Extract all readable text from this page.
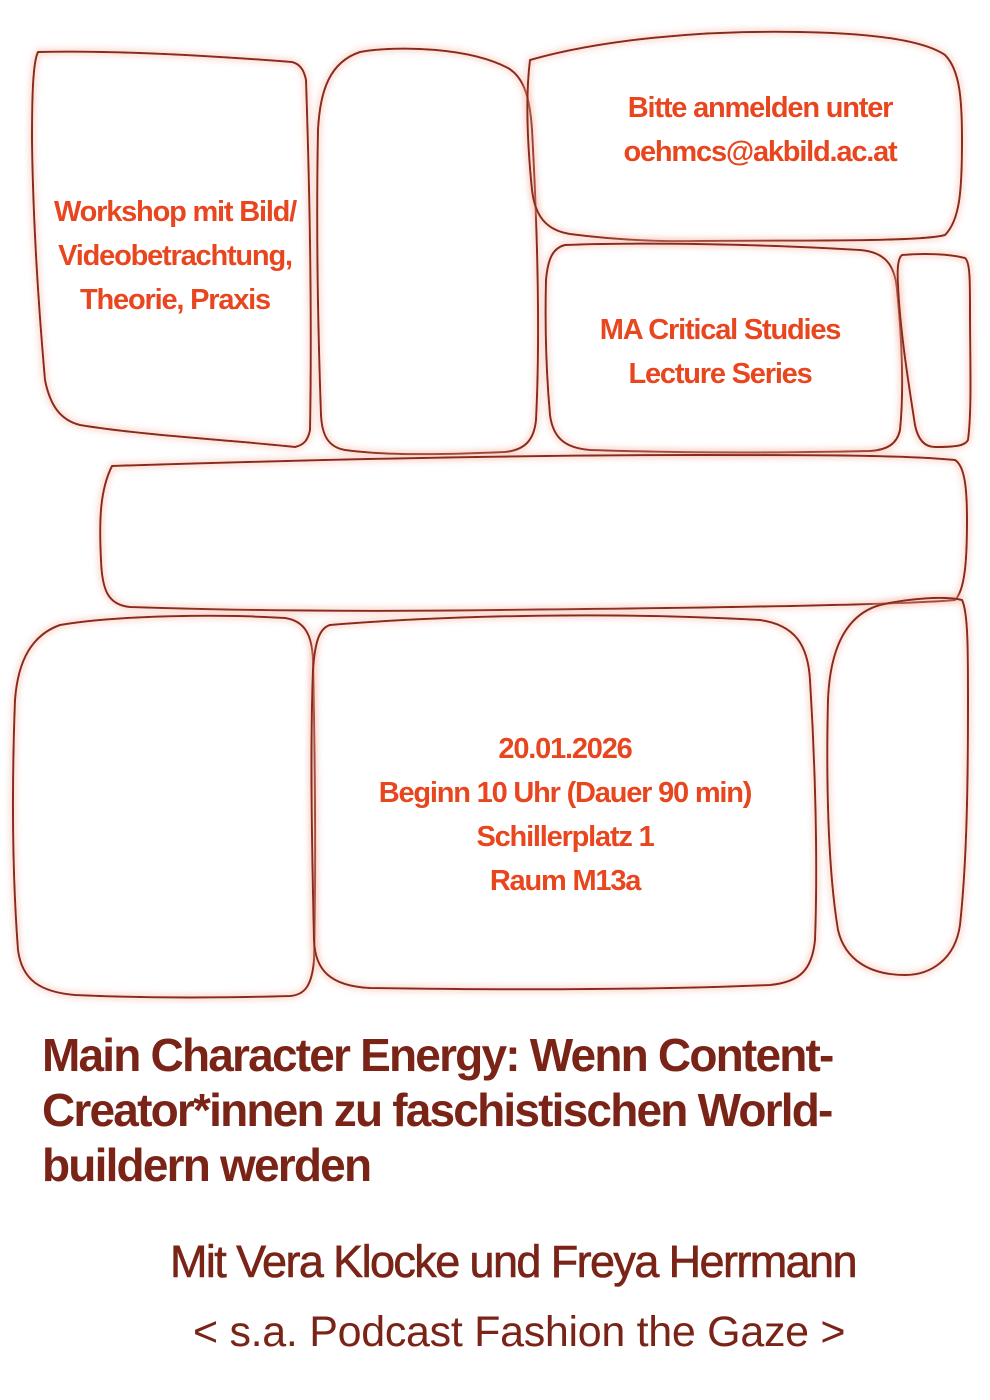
Workshop mit Bild/
Videobetrachtung,
Theorie, Praxis
Bitte anmelden unter
oehmcs@akbild.ac.at
MA Critical Studies
Lecture Series
20.01.2026
Beginn 10 Uhr (Dauer 90 min)
Schillerplatz 1
Raum M13a
Main Character Energy: Wenn Content-
Creator*innen zu faschistischen World-
buildern werden
Mit Vera Klocke und Freya Herrmann
< s.a. Podcast Fashion the Gaze >
